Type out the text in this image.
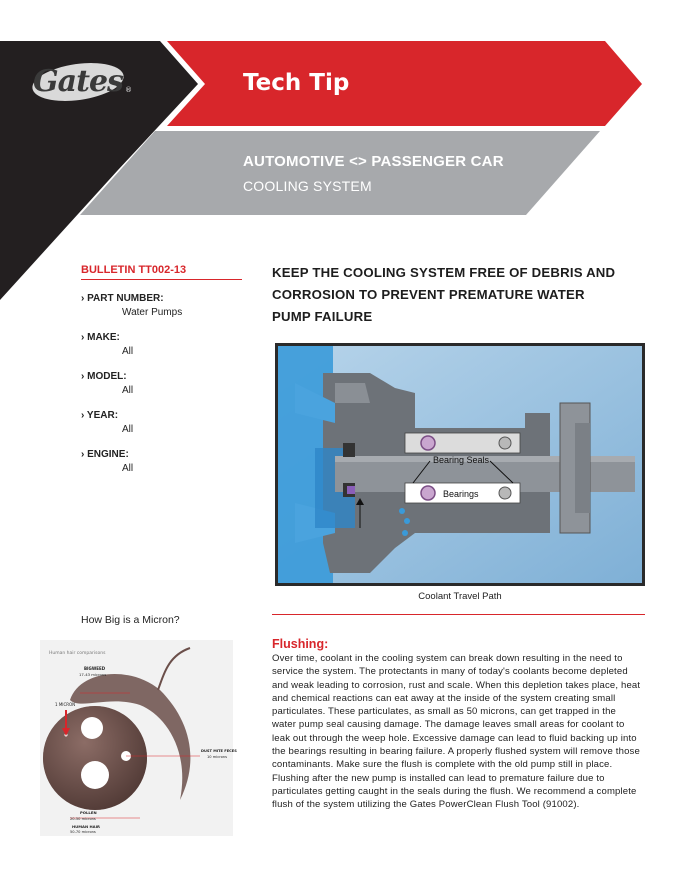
Gates ®	Tech Tip
AUTOMOTIVE <> PASSENGER CAR
COOLING SYSTEM
BULLETIN TT002-13
› PART NUMBER:
Water Pumps
› MAKE:
All
› MODEL:
All
› YEAR:
All
› ENGINE:
All
How Big is a Micron?
Human hair comparisons
1 MICRON
BIGWEED
17-43 microns
DUST MITE FECES
10 microns
POLLEN
20-50 microns
HUMAN HAIR
50-70 microns
KEEP THE COOLING SYSTEM FREE OF DEBRIS AND
CORROSION TO PREVENT PREMATURE WATER
PUMP FAILURE
Bearing Seals
Bearings
Coolant Travel Path
Flushing:
Over time, coolant in the cooling system can break down resulting in the need to service the system. The protectants in many of today's coolants become depleted and weak leading to corrosion, rust and scale. When this depletion takes place, heat and chemical reactions can eat away at the inside of the system creating small particulates. These particulates, as small as 50 microns, can get trapped in the water pump seal causing damage. The damage leaves small areas for coolant to leak out through the weep hole. Excessive damage can lead to fluid backing up into the bearings resulting in bearing failure. A properly flushed system will remove those contaminants. Make sure the flush is complete with the old pump still in place. Flushing after the new pump is installed can lead to premature failure due to particulates getting caught in the seals during the flush. We recommend a complete flush of the system utilizing the Gates PowerClean Flush Tool (91002).
